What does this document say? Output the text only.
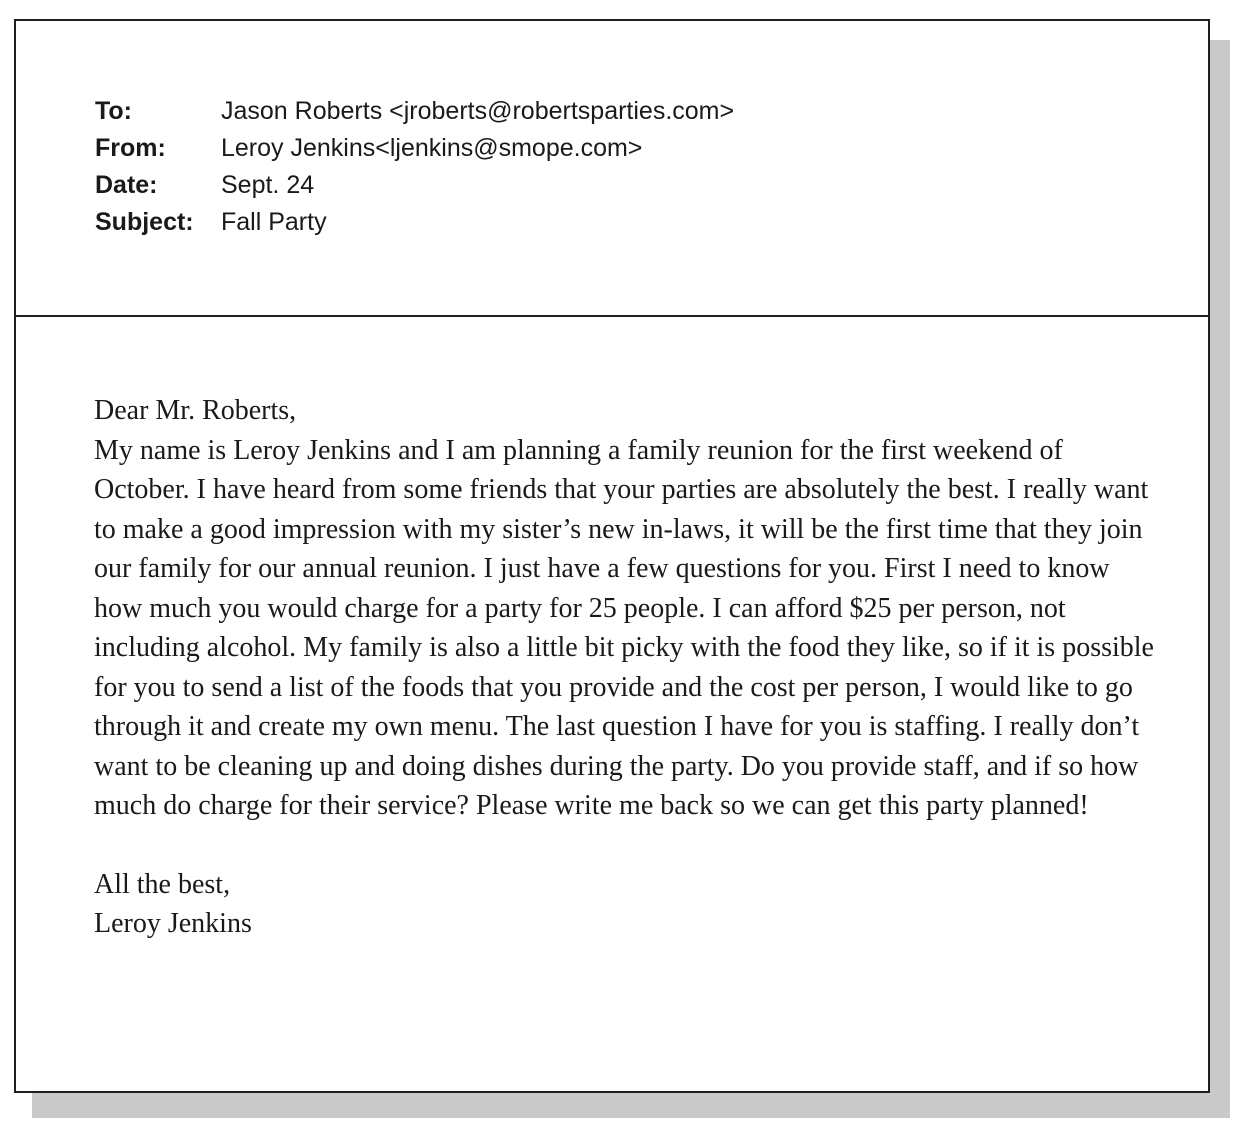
To:	Jason Roberts <jroberts@robertsparties.com>
From:	Leroy Jenkins<ljenkins@smope.com>
Date:	Sept. 24
Subject:	Fall Party

Dear Mr. Roberts,

My name is Leroy Jenkins and I am planning a family reunion for the first weekend of October. I have heard from some friends that your parties are absolutely the best. I really want to make a good impression with my sister’s new in-laws, it will be the first time that they join our family for our annual reunion. I just have a few questions for you. First I need to know how much you would charge for a party for 25 people. I can afford $25 per person, not including alcohol. My family is also a little bit picky with the food they like, so if it is possible for you to send a list of the foods that you provide and the cost per person, I would like to go through it and create my own menu. The last question I have for you is staffing. I really don’t want to be cleaning up and doing dishes during the party. Do you provide staff, and if so how much do charge for their service? Please write me back so we can get this party planned!

All the best,

Leroy Jenkins
